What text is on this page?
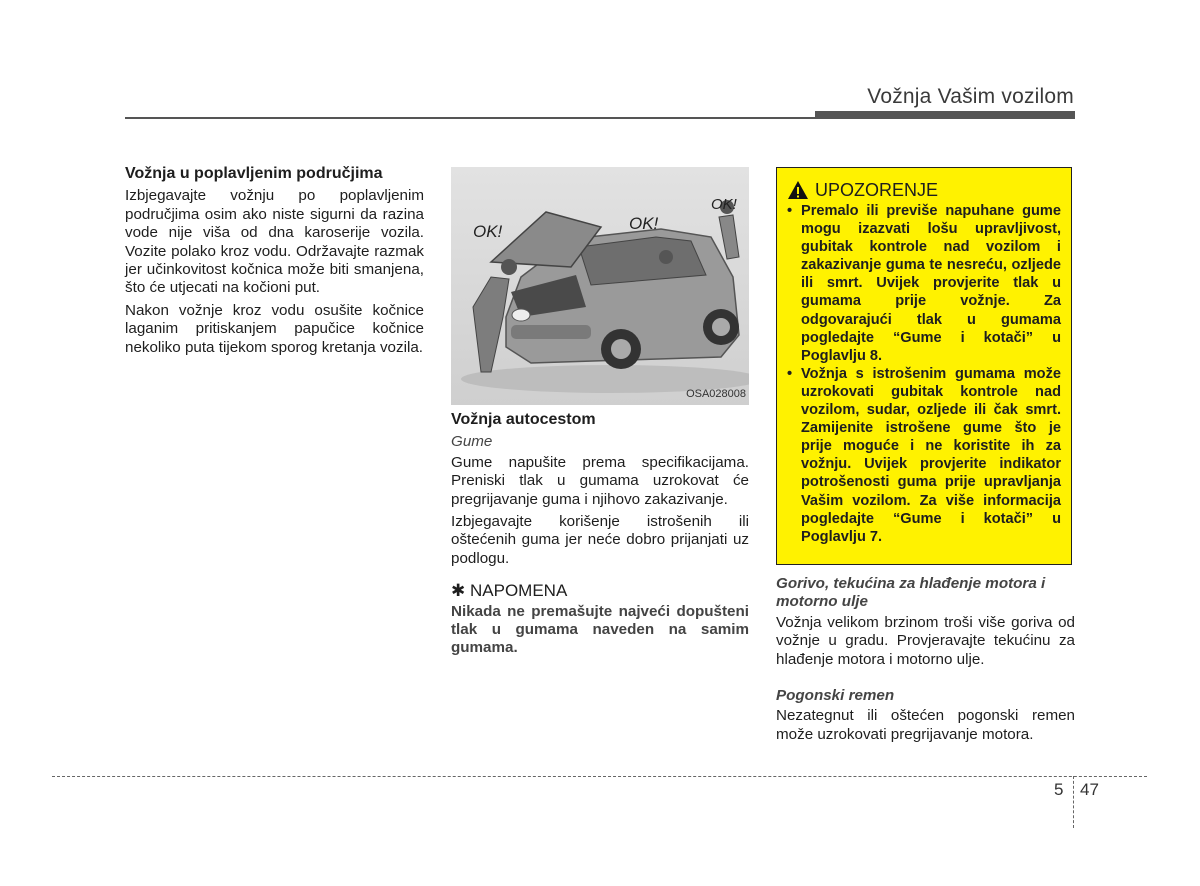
Vožnja Vašim vozilom
Vožnja u poplavljenim područjima

Izbjegavajte vožnju po poplavljenim područjima osim ako niste sigurni da razina vode nije viša od dna karoserije vozila. Vozite polako kroz vodu. Održavajte razmak jer učinkovitost kočnica može biti smanjena, što će utjecati na kočioni put.

Nakon vožnje kroz vodu osušite kočnice laganim pritiskanjem papučice kočnice nekoliko puta tijekom sporog kretanja vozila.

OK!	OK!
OK!
OSA028008
Vožnja autocestom
Gume

Gume napušite prema specifikacijama. Preniski tlak u gumama uzrokovat će pregrijavanje guma i njihovo zakazivanje.

Izbjegavajte korišenje istrošenih ili oštećenih guma jer neće dobro prijanjati uz podlogu.

✱ NAPOMENA
Nikada ne premašujte najveći dopušteni tlak u gumama naveden na samim gumama.
UPOZORENJE
• Premalo ili previše napuhane gume mogu izazvati lošu upravljivost, gubitak kontrole nad vozilom i zakazivanje guma te nesreću, ozljede ili smrt. Uvijek provjerite tlak u gumama prije vožnje. Za odgovarajući tlak u gumama pogledajte “Gume i kotači” u Poglavlju 8.
• Vožnja s istrošenim gumama može uzrokovati gubitak kontrole nad vozilom, sudar, ozljede ili čak smrt. Zamijenite istrošene gume što je prije moguće i ne koristite ih za vožnju. Uvijek provjerite indikator potrošenosti guma prije upravljanja Vašim vozilom. Za više informacija pogledajte “Gume i kotači” u Poglavlju 7.
Gorivo, tekućina za hlađenje motora i motorno ulje

Vožnja velikom brzinom troši više goriva od vožnje u gradu. Provjeravajte tekućinu za hlađenje motora i motorno ulje.

Pogonski remen

Nezategnut ili oštećen pogonski remen može uzrokovati pregrijavanje motora.

5 47
